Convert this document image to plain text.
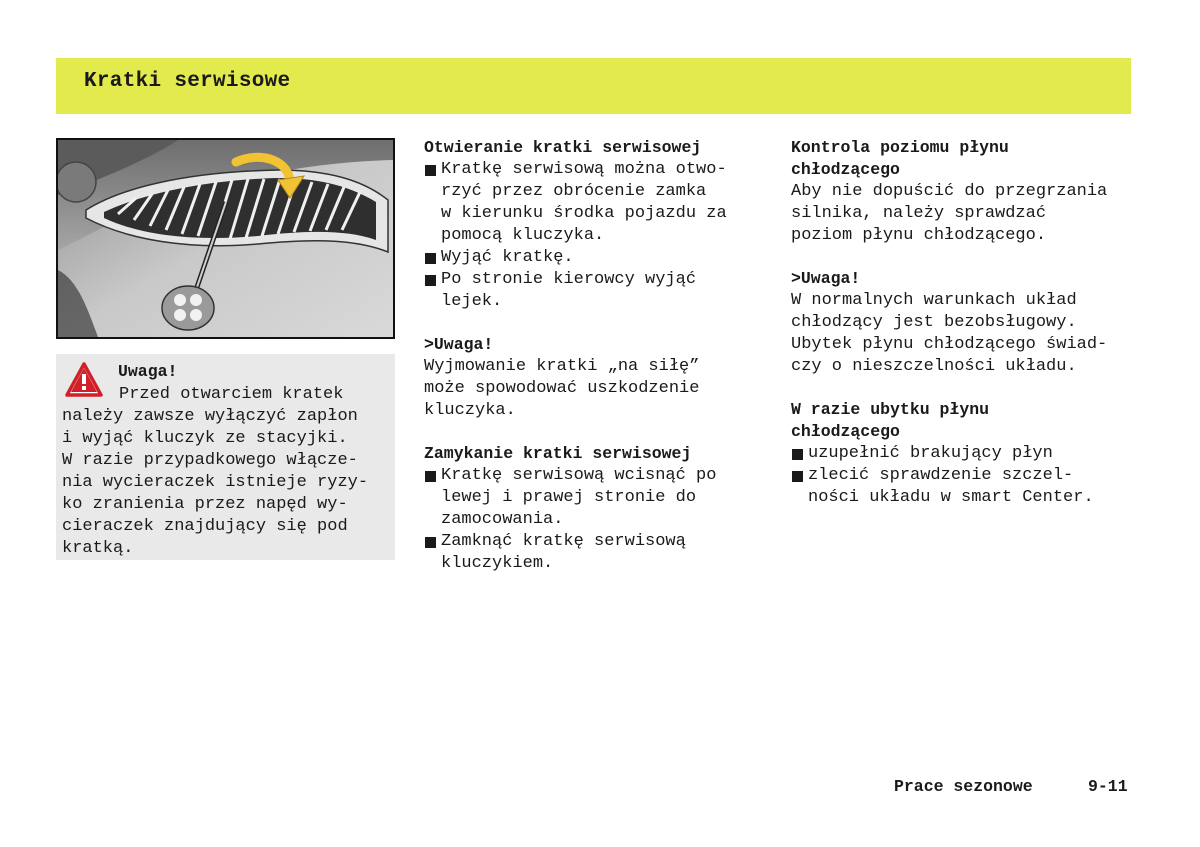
Kratki serwisowe
Uwaga!
Przed otwarciem kratek
należy zawsze wyłączyć zapłon
i wyjąć kluczyk ze stacyjki.
W razie przypadkowego włącze-
nia wycieraczek istnieje ryzy-
ko zranienia przez napęd wy-
cieraczek znajdujący się pod
kratką.
Otwieranie kratki serwisowej
Kratkę serwisową można otwo-
rzyć przez obrócenie zamka
w kierunku środka pojazdu za
pomocą kluczyka.
Wyjąć kratkę.
Po stronie kierowcy wyjąć
lejek.
>Uwaga!
Wyjmowanie kratki „na siłę”
może spowodować uszkodzenie
kluczyka.
Zamykanie kratki serwisowej
Kratkę serwisową wcisnąć po
lewej i prawej stronie do
zamocowania.
Zamknąć kratkę serwisową
kluczykiem.
Kontrola poziomu płynu
chłodzącego
Aby nie dopuścić do przegrzania
silnika, należy sprawdzać
poziom płynu chłodzącego.
>Uwaga!
W normalnych warunkach układ
chłodzący jest bezobsługowy.
Ubytek płynu chłodzącego świad-
czy o nieszczelności układu.
W razie ubytku płynu
chłodzącego
uzupełnić brakujący płyn
zlecić sprawdzenie szczel-
ności układu w smart Center.
Prace sezonowe	9-11
